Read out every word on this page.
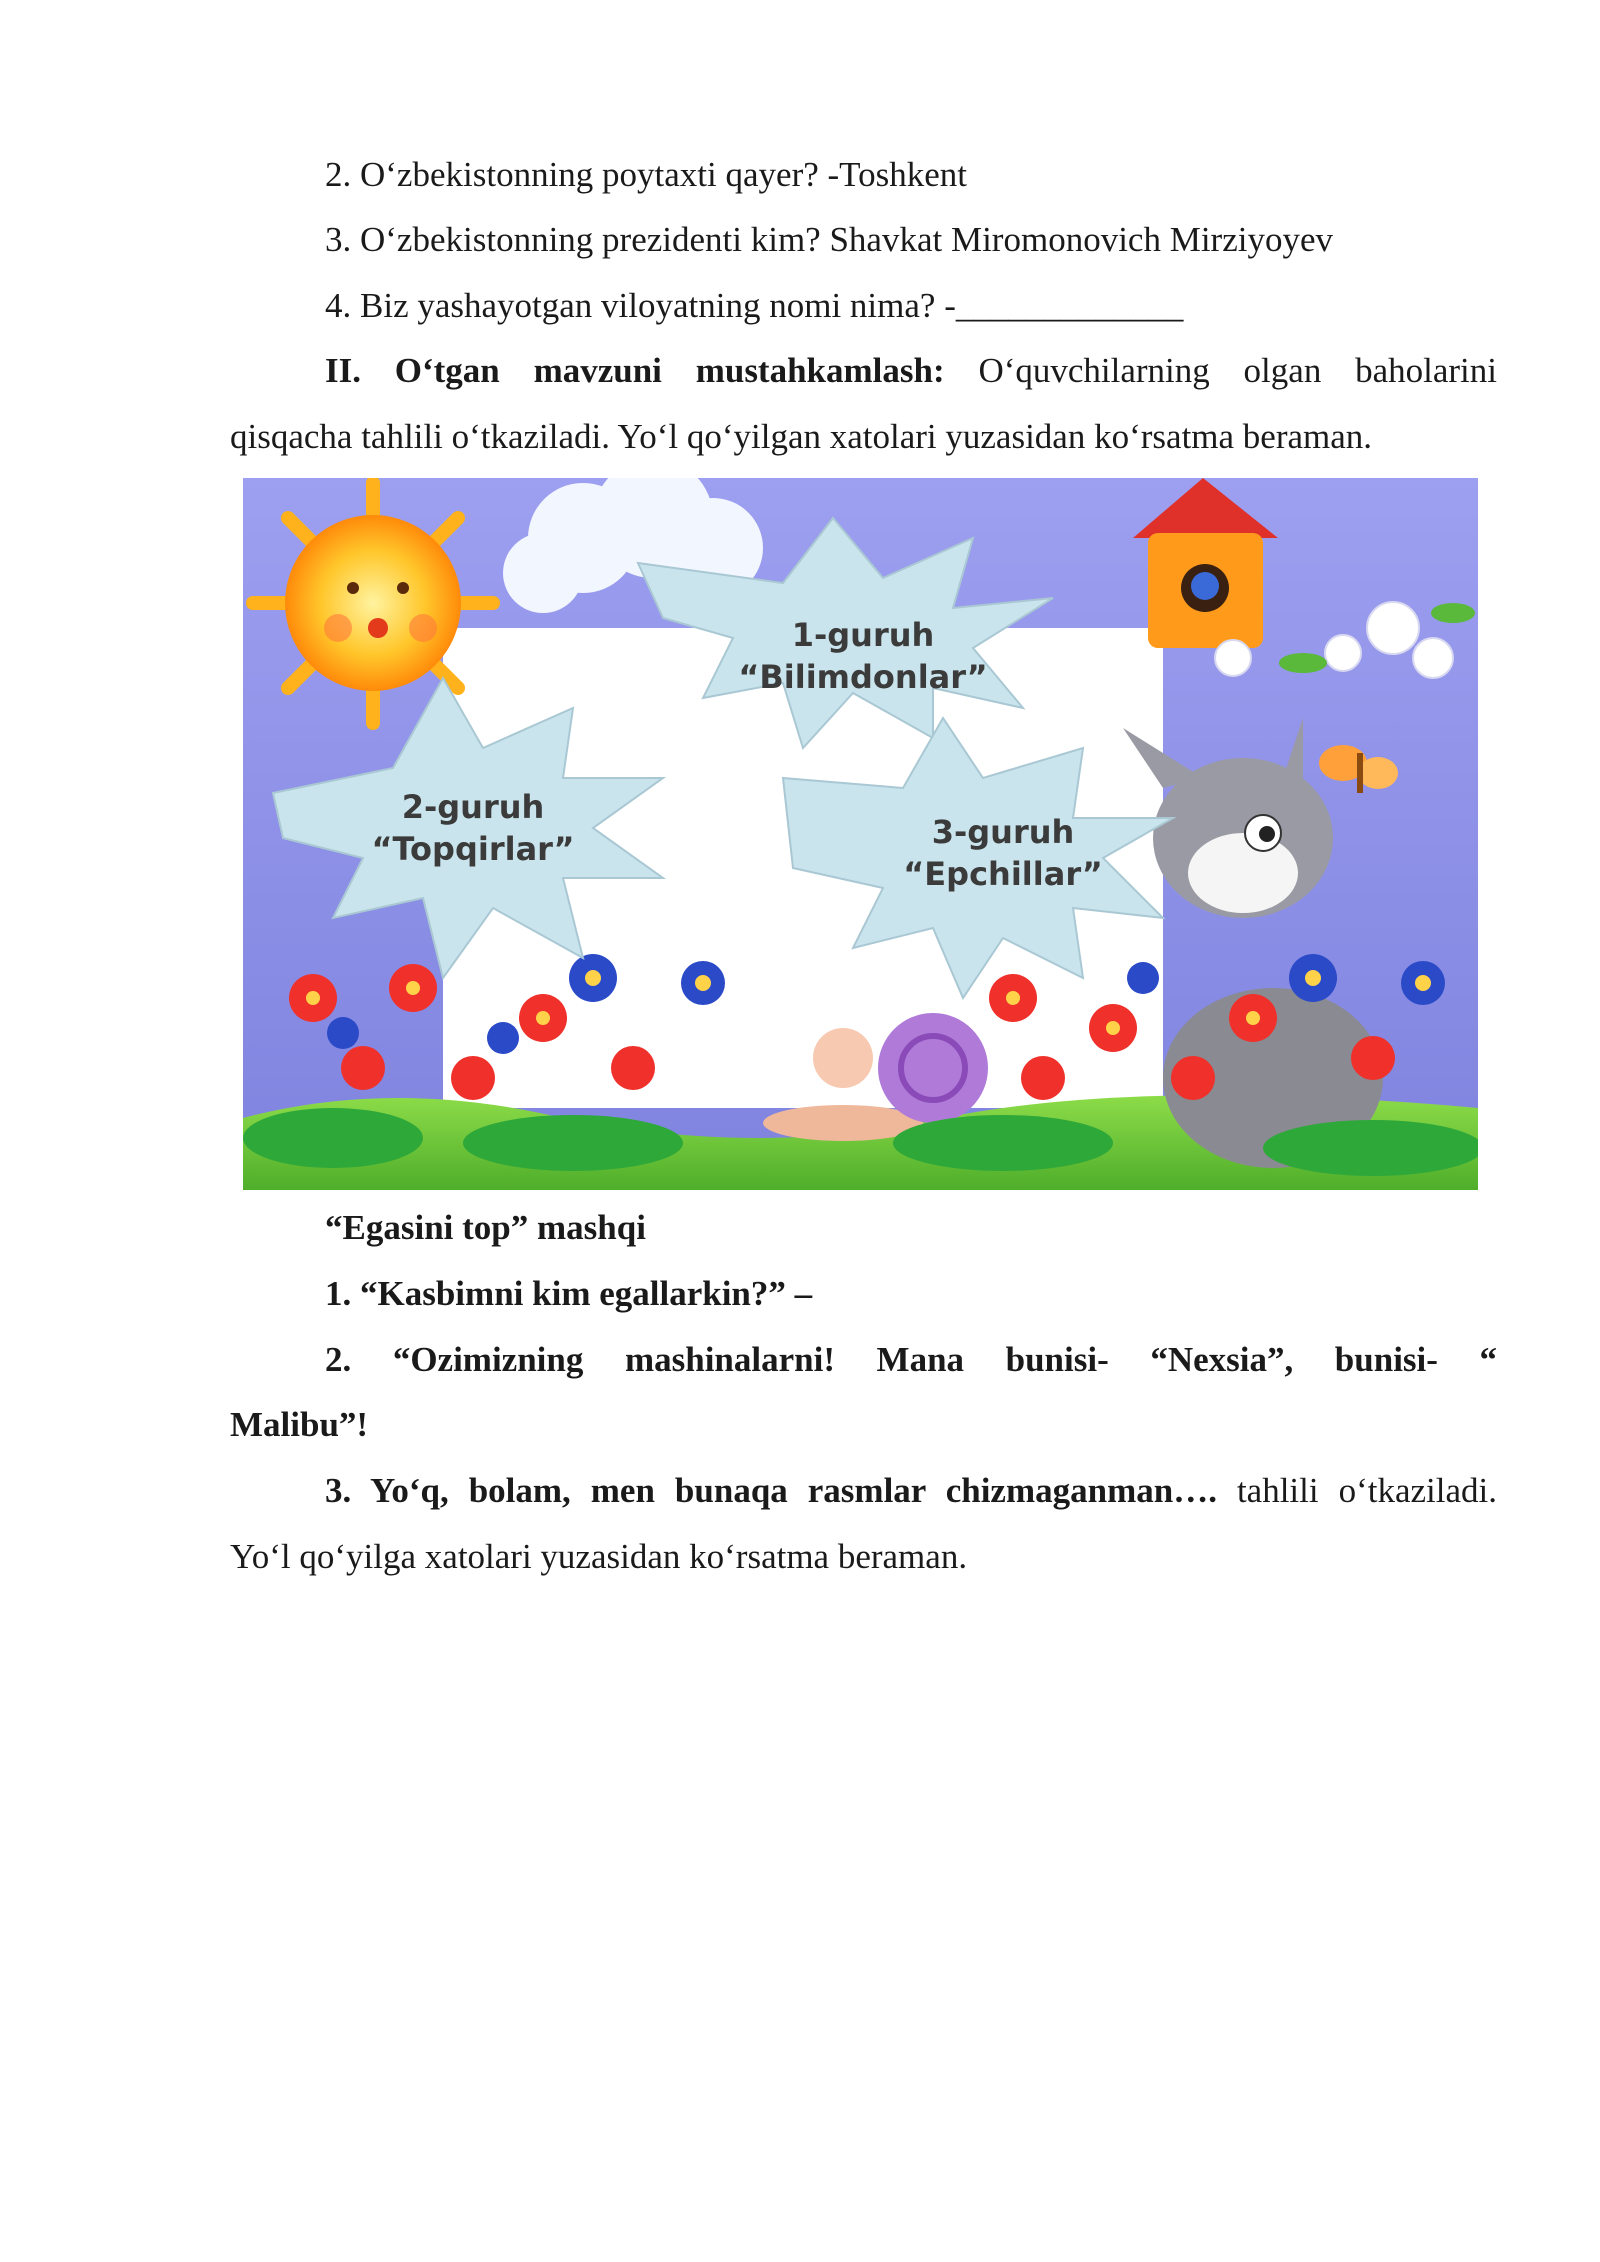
2. O‘zbekistonning poytaxti qayer? -Toshkent
3. O‘zbekistonning prezidenti kim? Shavkat Miromonovich Mirziyoyev
4. Biz yashayotgan viloyatning nomi nima? -_____________
II. O‘tgan mavzuni mustahkamlash: O‘quvchilarning olgan baholarini
qisqacha tahlili o‘tkaziladi. Yo‘l qo‘yilgan xatolari yuzasidan ko‘rsatma beraman.
1-guruh
“Bilimdonlar”
2-guruh
“Topqirlar”	3-guruh
“Epchillar”
“Egasini top” mashqi
1. “Kasbimni kim egallarkin?” –
2. “Ozimizning mashinalarni! Mana bunisi- “Nexsia”, bunisi- “
Malibu”!
3. Yo‘q, bolam, men bunaqa rasmlar chizmaganman…. tahlili o‘tkaziladi.
Yo‘l qo‘yilga xatolari yuzasidan ko‘rsatma beraman.
